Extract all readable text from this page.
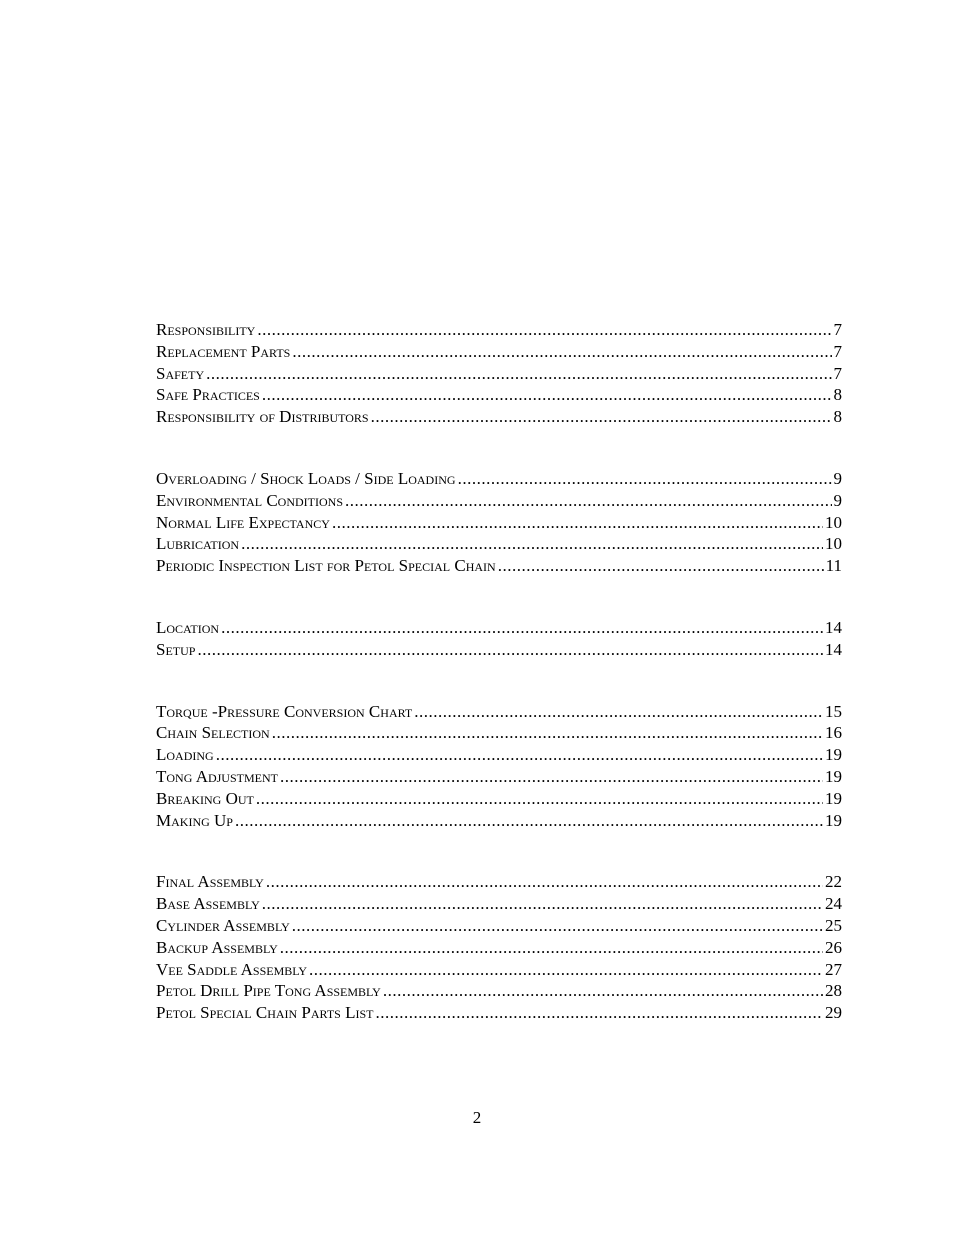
Responsibility .....	7
Replacement Parts .....	7
Safety .....	7
Safe Practices .....	8
Responsibility of Distributors .....	8
Overloading / Shock Loads / Side Loading .....	9
Environmental Conditions .....	9
Normal Life Expectancy .....	10
Lubrication .....	10
Periodic Inspection List for Petol Special Chain .....	11
Location .....	14
Setup .....	14
Torque -Pressure Conversion Chart .....	15
Chain Selection .....	16
Loading .....	19
Tong Adjustment .....	19
Breaking Out .....	19
Making Up .....	19
Final Assembly .....	22
Base Assembly .....	24
Cylinder Assembly .....	25
Backup Assembly .....	26
Vee Saddle Assembly .....	27
Petol Drill Pipe Tong Assembly .....	28
Petol Special Chain Parts List .....	29
2
